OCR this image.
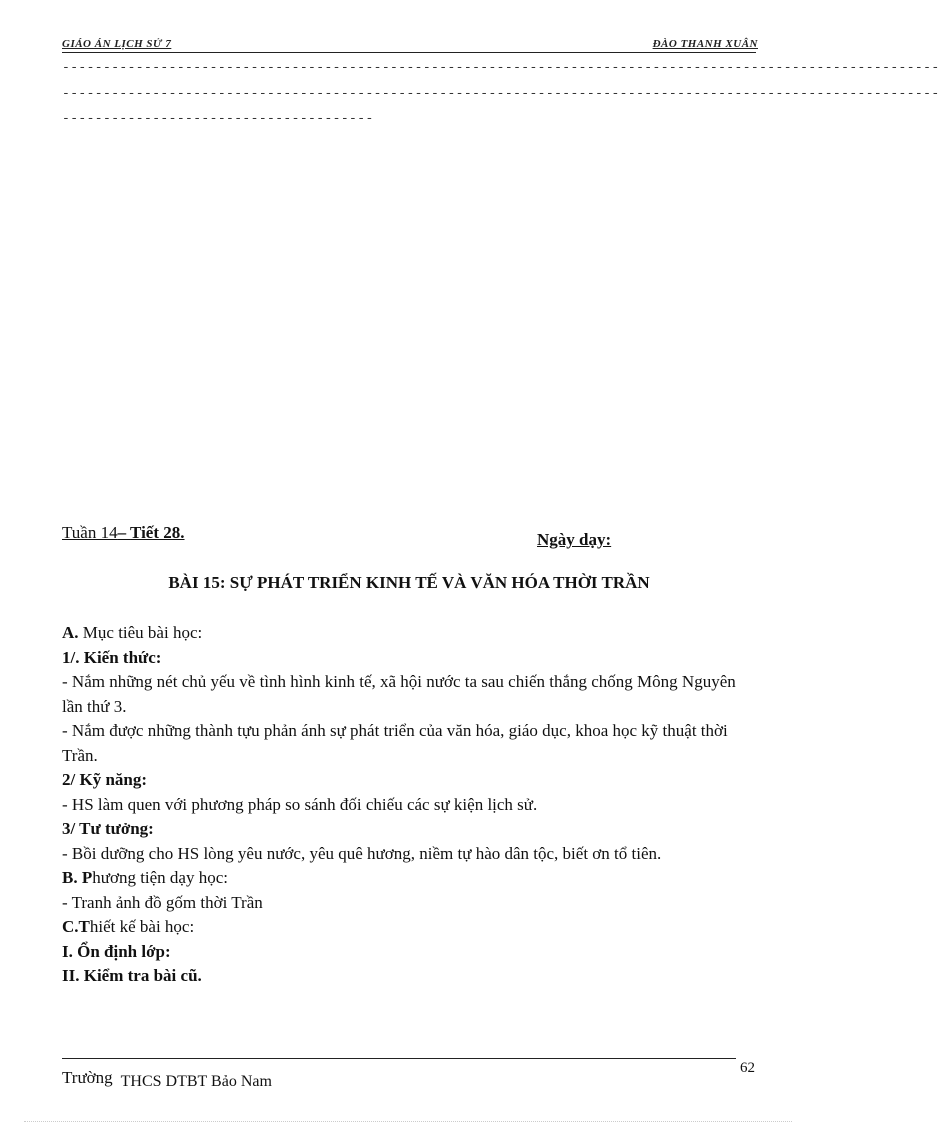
GIÁO ÁN LỊCH SỬ 7	ĐÀO THANH XUÂN
-----------------------------------------------------------------------------------------------------------
-----------------------------------------------------------------------------------------------------------
--------------------------------------
Tuần 14– Tiết 28.	Ngày dạy:
BÀI 15: SỰ PHÁT TRIỂN KINH TẾ VÀ VĂN HÓA THỜI TRẦN

A. Mục tiêu bài học:

1/. Kiến thức:

- Nắm những nét chủ yếu về tình hình kinh tế, xã hội nước ta sau chiến thắng chống Mông Nguyên lần thứ 3.

- Nắm được những thành tựu phản ánh sự phát triển của văn hóa, giáo dục, khoa học kỹ thuật thời Trần.

2/ Kỹ năng:

- HS làm quen với phương pháp so sánh đối chiếu các sự kiện lịch sử.

3/ Tư tưởng:

- Bồi dưỡng cho HS lòng yêu nước, yêu quê hương, niềm tự hào dân tộc, biết ơn tổ tiên.

B. Phương tiện dạy học:

- Tranh ảnh đồ gốm thời Trần

C.Thiết kế bài học:

I. Ổn định lớp:

II. Kiểm tra bài cũ.

62
Trường THCS DTBT Bảo Nam
